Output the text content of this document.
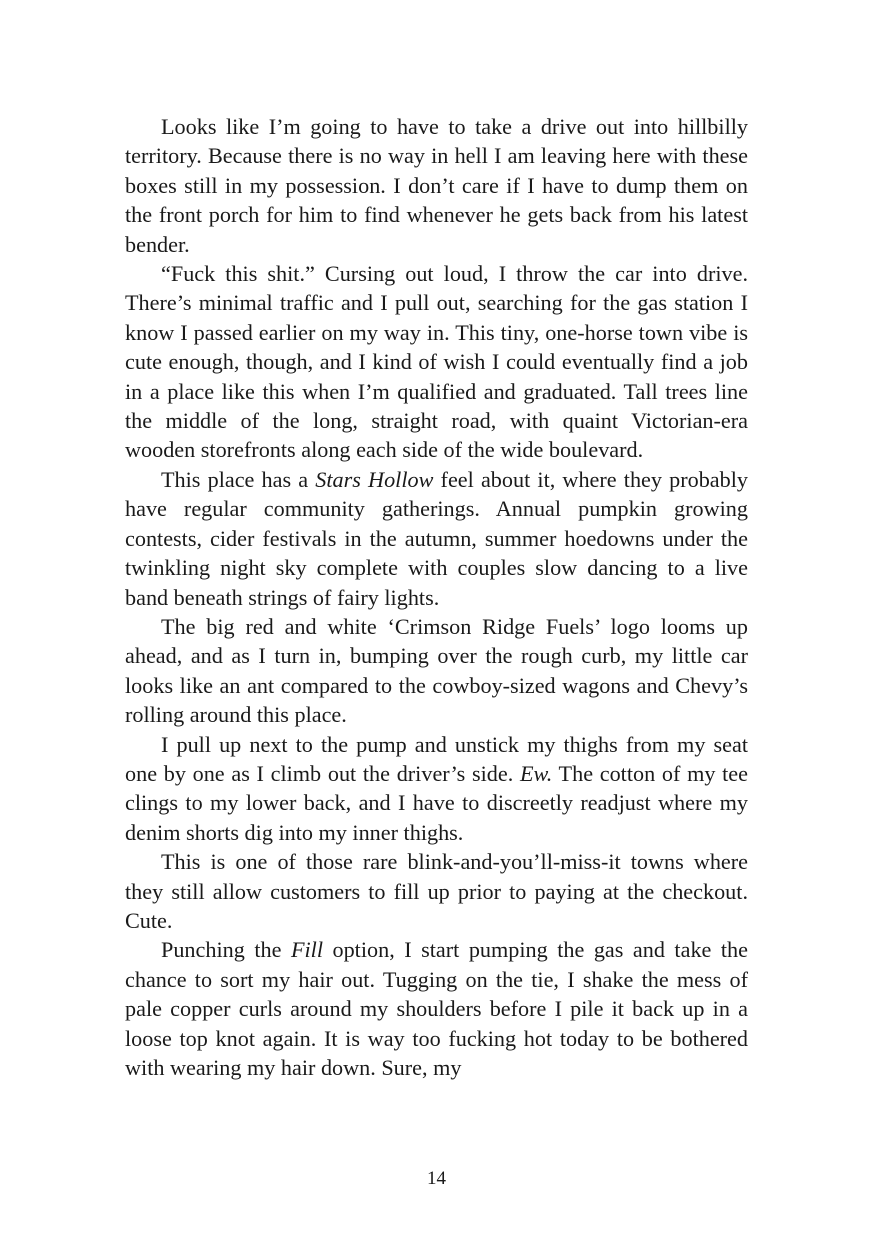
Looks like I’m going to have to take a drive out into hillbilly territory. Because there is no way in hell I am leaving here with these boxes still in my possession. I don’t care if I have to dump them on the front porch for him to find whenever he gets back from his latest bender.

“Fuck this shit.” Cursing out loud, I throw the car into drive. There’s minimal traffic and I pull out, searching for the gas station I know I passed earlier on my way in. This tiny, one-horse town vibe is cute enough, though, and I kind of wish I could eventually find a job in a place like this when I’m qualified and graduated. Tall trees line the middle of the long, straight road, with quaint Victorian-era wooden storefronts along each side of the wide boulevard.

This place has a Stars Hollow feel about it, where they probably have regular community gatherings. Annual pumpkin growing contests, cider festivals in the autumn, summer hoedowns under the twinkling night sky complete with couples slow dancing to a live band beneath strings of fairy lights.

The big red and white ‘Crimson Ridge Fuels’ logo looms up ahead, and as I turn in, bumping over the rough curb, my little car looks like an ant compared to the cowboy-sized wagons and Chevy’s rolling around this place.

I pull up next to the pump and unstick my thighs from my seat one by one as I climb out the driver’s side. Ew. The cotton of my tee clings to my lower back, and I have to discreetly readjust where my denim shorts dig into my inner thighs.

This is one of those rare blink-and-you’ll-miss-it towns where they still allow customers to fill up prior to paying at the checkout. Cute.

Punching the Fill option, I start pumping the gas and take the chance to sort my hair out. Tugging on the tie, I shake the mess of pale copper curls around my shoulders before I pile it back up in a loose top knot again. It is way too fucking hot today to be bothered with wearing my hair down. Sure, my

14
